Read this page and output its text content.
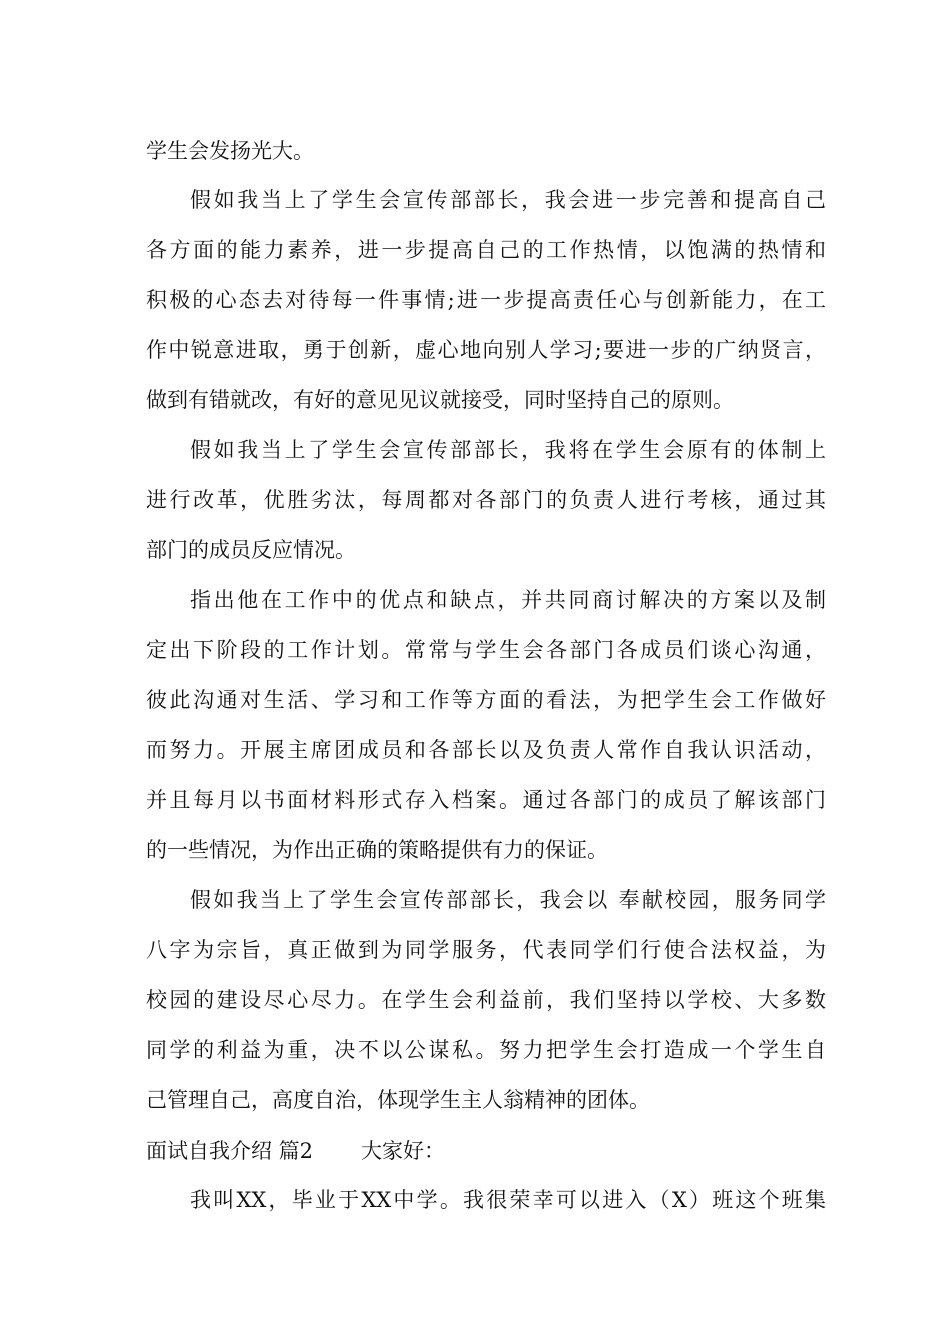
学生会发扬光大。
假如我当上了学生会宣传部部长，我会进一步完善和提高自己
各方面的能力素养，进一步提高自己的工作热情，以饱满的热情和
积极的心态去对待每一件事情;进一步提高责任心与创新能力，在工
作中锐意进取，勇于创新，虚心地向别人学习;要进一步的广纳贤言，
做到有错就改，有好的意见见议就接受，同时坚持自己的原则。
假如我当上了学生会宣传部部长，我将在学生会原有的体制上
进行改革，优胜劣汰，每周都对各部门的负责人进行考核，通过其
部门的成员反应情况。
指出他在工作中的优点和缺点，并共同商讨解决的方案以及制
定出下阶段的工作计划。常常与学生会各部门各成员们谈心沟通，
彼此沟通对生活、学习和工作等方面的看法，为把学生会工作做好
而努力。开展主席团成员和各部长以及负责人常作自我认识活动，
并且每月以书面材料形式存入档案。通过各部门的成员了解该部门
的一些情况，为作出正确的策略提供有力的保证。
假如我当上了学生会宣传部部长，我会以 奉献校园，服务同学
八字为宗旨，真正做到为同学服务，代表同学们行使合法权益，为
校园的建设尽心尽力。在学生会利益前，我们坚持以学校、大多数
同学的利益为重，决不以公谋私。努力把学生会打造成一个学生自
己管理自己，高度自治，体现学生主人翁精神的团体。
面试自我介绍 篇2 大家好：
我叫XX，毕业于XX中学。我很荣幸可以进入（X）班这个班集
